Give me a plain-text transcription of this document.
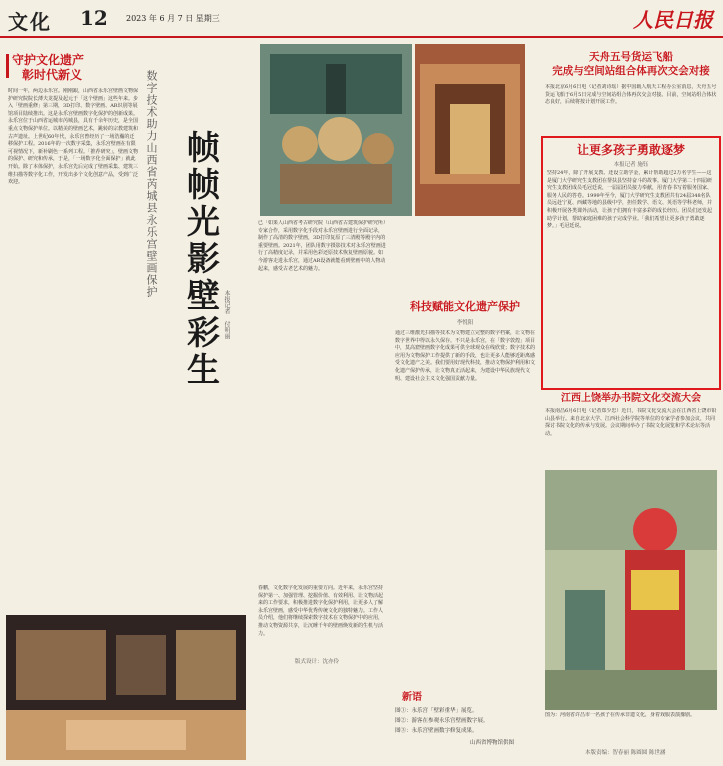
文化 12 2023 年 6 月 7 日 星期三	人民日报
守护文化遗产
彰时代新义
时间一年，两边永乐宫。刚刚跟，山西省永乐宫壁画文物保护研究院院长薄夫龙提及起元于「这个壁画」这些年来。步入「壁画重修」第三期，3D打印、数字壁画、AR识别等展馆项目陆续推出。这是永乐宫壁画数字化保护的创新成果。永乐宫位于山西省运城市芮城县，具有千余年历史，是全国重点文物保护单位。以精美的壁画艺术，跳转的宗教建筑和古声遗址。上世纪60年代，永乐宫曾经历了一场浩瀚的迁移保护工程。2016年的一次数字采集，永乐宫壁画在有限可视情况下，新补刷色一系列工程。「推荐研究」，壁画文物的保护、研究和传承，于是，「一场数字化全面保护」就此开始。除了本体保护，永乐宫先后完成了壁画采集、建筑三维扫描等数字化工作，开发出多个文化创意产品，受到广泛欢迎。	数字技术助力山西省芮城县永乐宫壁画保护 帧帧光影壁彩生 本报记者 付明丽
已「如果人山西省考古研究院（山西省古建筑保护研究所）专家合作，采用数字化手段对永乐宫壁画进行全面记录，制作了高清的数字壁画，3D打印复原了三清殿等殿宇内的重要壁画。2021年，团队用数字摄影技术对永乐宫壁画进行了高精度记录，并采用色彩还原技术恢复壁画原貌。如今游客走进永乐宫，通过AR设备就能看到壁画中的人物动起来，感受古老艺术的魅力。
春鹏，文化数字化发展的重要方向。近年来，永乐宫坚持保护第一、加强管理、挖掘价值、有效利用、让文物活起来的工作要求，积极推进数字化保护利用，让更多人了解永乐宫壁画，感受中华优秀传统文化的独特魅力。工作人员介绍，他们将继续探索数字技术在文物保护中的应用，推动文物资源共享，让沉睡千年的壁画焕发新的生机与活力。
版式设计：沈亦伶
科技赋能文化遗产保护
李悦阳
通过三维激光扫描等技术为文物建立完整的数字档案，让文物在数字世界中得以永久保存。不只是永乐宫，在「数字敦煌」项目中，莫高窟壁画数字化成果可供全球观众在线欣赏；数字技术的应用为文物保护工作提供了新的手段，也让更多人能够近距离感受文化遗产之美。我们要用好现代科技，推动文物保护利用和文化遗产保护传承，让文物真正活起来，为建设中华民族现代文明、建设社会主义文化强国贡献力量。
新语
图①：永乐宫「壁彩重华」展览。
图②：游客在参观永乐宫壁画数字展。
图③：永乐宫壁画数字修复成果。
山西省博物馆供图
天舟五号货运飞船
完成与空间站组合体再次交会对接
本报北京6月6日电（记者刘诗瑶）据中国载人航天工程办公室消息，天舟五号货运飞船于6月5日完成与空间站组合体再次交会对接。目前，空间站组合体状态良好，后续将按计划开展工作。
让更多孩子勇敢逐梦
本报记者 施钰
坚持24年，除了开展支教、还设立助学金，累计帮助超过2万名学生——这是厦门大学研究生支教团在帮扶县坚持奋斗的故事。厦门大学第二十四届研究生支教团成员毛冠廷说，一届届团员接力奉献，用青春书写着服务国家、服务人民的答卷。1999年至今，厦门大学研究生支教团共有24届348名队员远赴宁夏、西藏等地的县级中学，担任数学、语文、英语等学科老师，并积极开展各类课外活动，让孩子们拥有丰富多彩的成长经历。团员们还发起助学计划，帮助家庭困难的孩子完成学业。「我们希望让更多孩子勇敢逐梦。」毛冠廷说。
江西上饶举办书院文化交流大会
本报南昌6月6日电（记者郑少忠）近日，书院文化交流大会在江西省上饶市铅山县举行。来自北京大学、江西社会科学院等单位的专家学者参加会议，共同探讨书院文化的传承与发展。会议期间举办了书院文化展览和学术论坛等活动。
图为：河南省许昌市一名孩子在传承非遗文化，身着戏服表演豫剧。
本版责编：智春丽 陈圆圆 陈世涵
